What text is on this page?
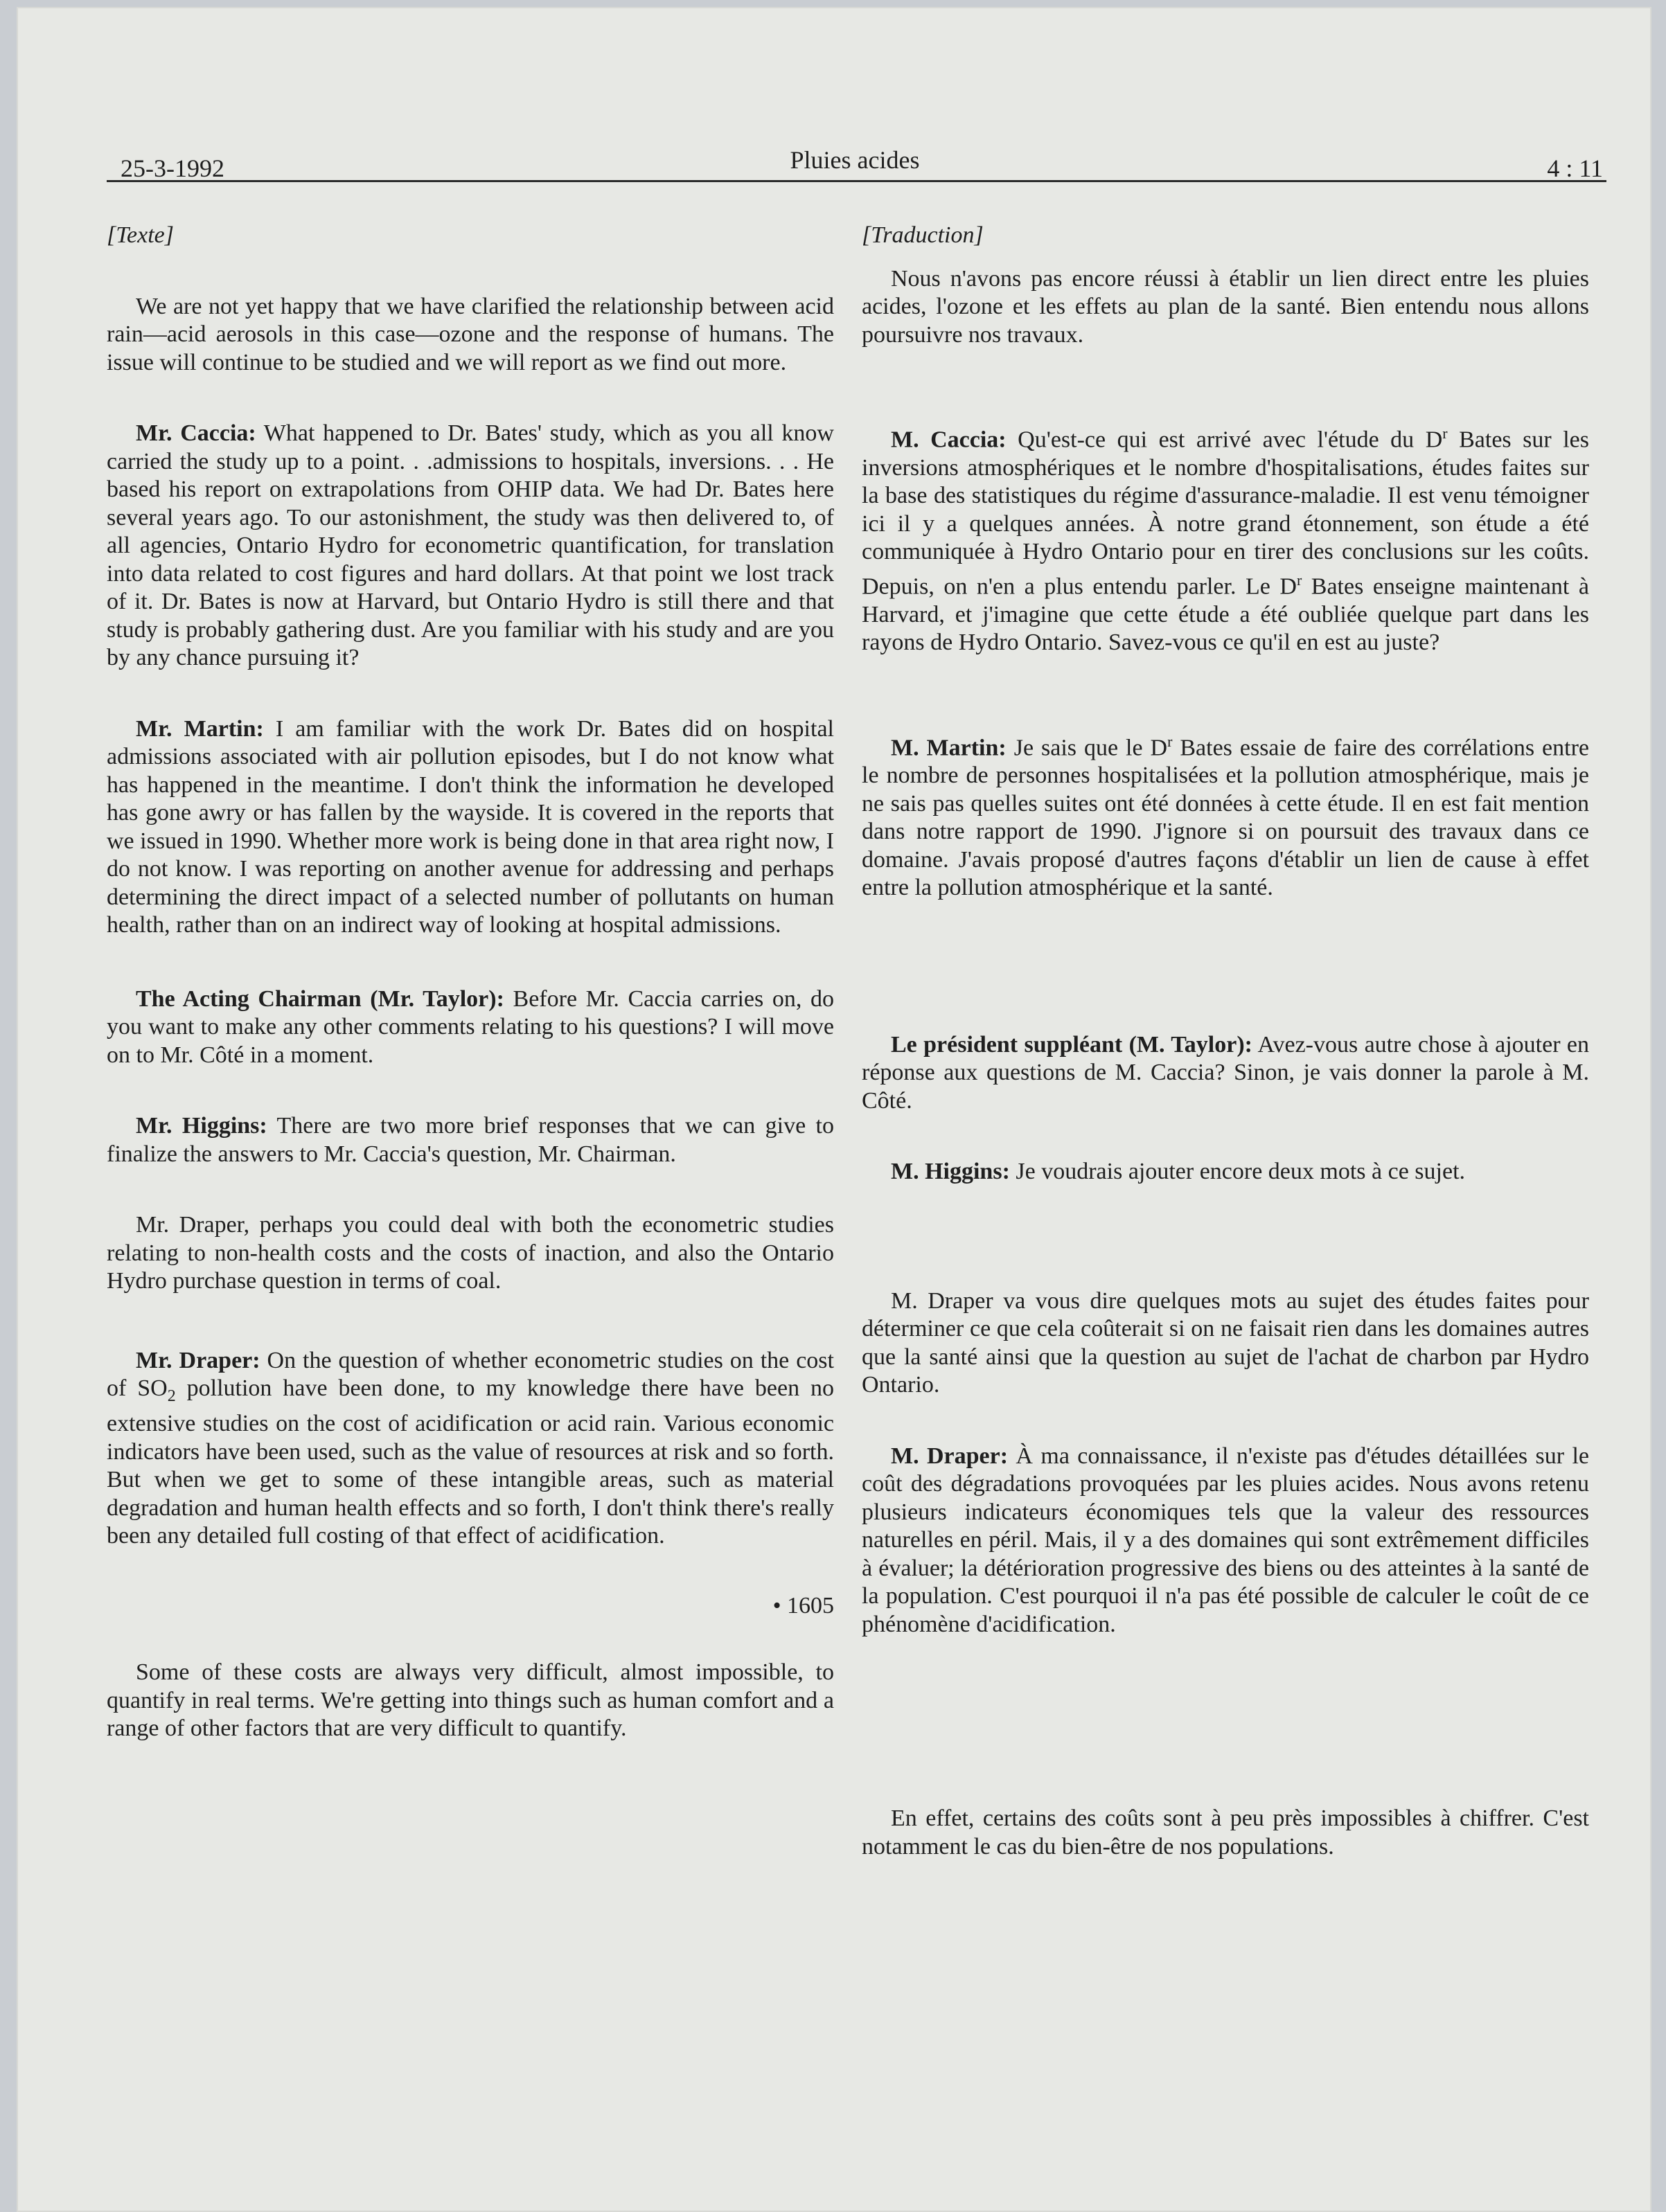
25-3-1992	Pluies acides	4 : 11
[Texte]

We are not yet happy that we have clarified the relationship between acid rain—acid aerosols in this case—ozone and the response of humans. The issue will continue to be studied and we will report as we find out more.

Mr. Caccia: What happened to Dr. Bates' study, which as you all know carried the study up to a point. . .admissions to hospitals, inversions. . . He based his report on extrapolations from OHIP data. We had Dr. Bates here several years ago. To our astonishment, the study was then delivered to, of all agencies, Ontario Hydro for econometric quantification, for translation into data related to cost figures and hard dollars. At that point we lost track of it. Dr. Bates is now at Harvard, but Ontario Hydro is still there and that study is probably gathering dust. Are you familiar with his study and are you by any chance pursuing it?

Mr. Martin: I am familiar with the work Dr. Bates did on hospital admissions associated with air pollution episodes, but I do not know what has happened in the meantime. I don't think the information he developed has gone awry or has fallen by the wayside. It is covered in the reports that we issued in 1990. Whether more work is being done in that area right now, I do not know. I was reporting on another avenue for addressing and perhaps determining the direct impact of a selected number of pollutants on human health, rather than on an indirect way of looking at hospital admissions.

The Acting Chairman (Mr. Taylor): Before Mr. Caccia carries on, do you want to make any other comments relating to his questions? I will move on to Mr. Côté in a moment.

Mr. Higgins: There are two more brief responses that we can give to finalize the answers to Mr. Caccia's question, Mr. Chairman.

Mr. Draper, perhaps you could deal with both the econometric studies relating to non-health costs and the costs of inaction, and also the Ontario Hydro purchase question in terms of coal.

Mr. Draper: On the question of whether econometric studies on the cost of $SO_2$ pollution have been done, to my knowledge there have been no extensive studies on the cost of acidification or acid rain. Various economic indicators have been used, such as the value of resources at risk and so forth. But when we get to some of these intangible areas, such as material degradation and human health effects and so forth, I don't think there's really been any detailed full costing of that effect of acidification.

• 1605

Some of these costs are always very difficult, almost impossible, to quantify in real terms. We're getting into things such as human comfort and a range of other factors that are very difficult to quantify.

[Traduction]

Nous n'avons pas encore réussi à établir un lien direct entre les pluies acides, l'ozone et les effets au plan de la santé. Bien entendu nous allons poursuivre nos travaux.

M. Caccia: Qu'est-ce qui est arrivé avec l'étude du $D^r$ Bates sur les inversions atmosphériques et le nombre d'hospitalisations, études faites sur la base des statistiques du régime d'assurance-maladie. Il est venu témoigner ici il y a quelques années. À notre grand étonnement, son étude a été communiquée à Hydro Ontario pour en tirer des conclusions sur les coûts. Depuis, on n'en a plus entendu parler. Le $D^r$ Bates enseigne maintenant à Harvard, et j'imagine que cette étude a été oubliée quelque part dans les rayons de Hydro Ontario. Savez-vous ce qu'il en est au juste?

M. Martin: Je sais que le $D^r$ Bates essaie de faire des corrélations entre le nombre de personnes hospitalisées et la pollution atmosphérique, mais je ne sais pas quelles suites ont été données à cette étude. Il en est fait mention dans notre rapport de 1990. J'ignore si on poursuit des travaux dans ce domaine. J'avais proposé d'autres façons d'établir un lien de cause à effet entre la pollution atmosphérique et la santé.

Le président suppléant (M. Taylor): Avez-vous autre chose à ajouter en réponse aux questions de M. Caccia? Sinon, je vais donner la parole à M. Côté.

M. Higgins: Je voudrais ajouter encore deux mots à ce sujet.

M. Draper va vous dire quelques mots au sujet des études faites pour déterminer ce que cela coûterait si on ne faisait rien dans les domaines autres que la santé ainsi que la question au sujet de l'achat de charbon par Hydro Ontario.

M. Draper: À ma connaissance, il n'existe pas d'études détaillées sur le coût des dégradations provoquées par les pluies acides. Nous avons retenu plusieurs indicateurs économiques tels que la valeur des ressources naturelles en péril. Mais, il y a des domaines qui sont extrêmement difficiles à évaluer; la détérioration progressive des biens ou des atteintes à la santé de la population. C'est pourquoi il n'a pas été possible de calculer le coût de ce phénomène d'acidification.

En effet, certains des coûts sont à peu près impossibles à chiffrer. C'est notamment le cas du bien-être de nos populations.
